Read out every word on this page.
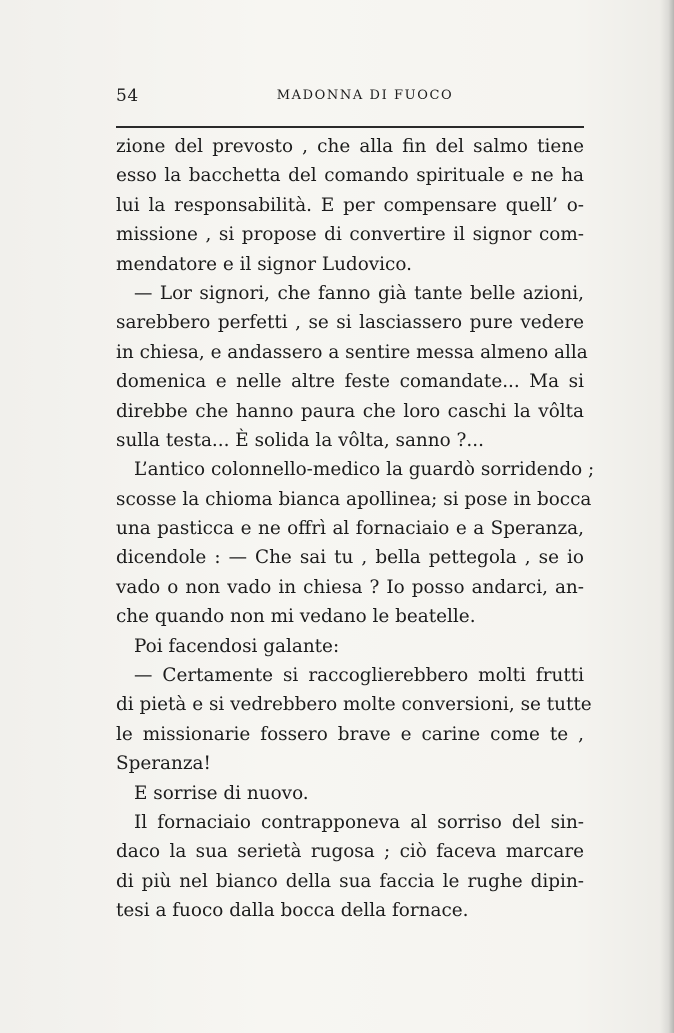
54	MADONNA DI FUOCO
zione del prevosto , che alla fin del salmo tiene
esso la bacchetta del comando spirituale e ne ha
lui la responsabilità. E per compensare quell’ o-
missione , si propose di convertire il signor com-
mendatore e il signor Ludovico.
— Lor signori, che fanno già tante belle azioni,
sarebbero perfetti , se si lasciassero pure vedere
in chiesa, e andassero a sentire messa almeno alla
domenica e nelle altre feste comandate... Ma si
direbbe che hanno paura che loro caschi la vôlta
sulla testa... È solida la vôlta, sanno ?...
L’antico colonnello-medico la guardò sorridendo ;
scosse la chioma bianca apollinea; si pose in bocca
una pasticca e ne offrì al fornaciaio e a Speranza,
dicendole : — Che sai tu , bella pettegola , se io
vado o non vado in chiesa ? Io posso andarci, an-
che quando non mi vedano le beatelle.
Poi facendosi galante:
— Certamente si raccoglierebbero molti frutti
di pietà e si vedrebbero molte conversioni, se tutte
le missionarie fossero brave e carine come te ,
Speranza!
E sorrise di nuovo.
Il fornaciaio contrapponeva al sorriso del sin-
daco la sua serietà rugosa ; ciò faceva marcare
di più nel bianco della sua faccia le rughe dipin-
tesi a fuoco dalla bocca della fornace.
